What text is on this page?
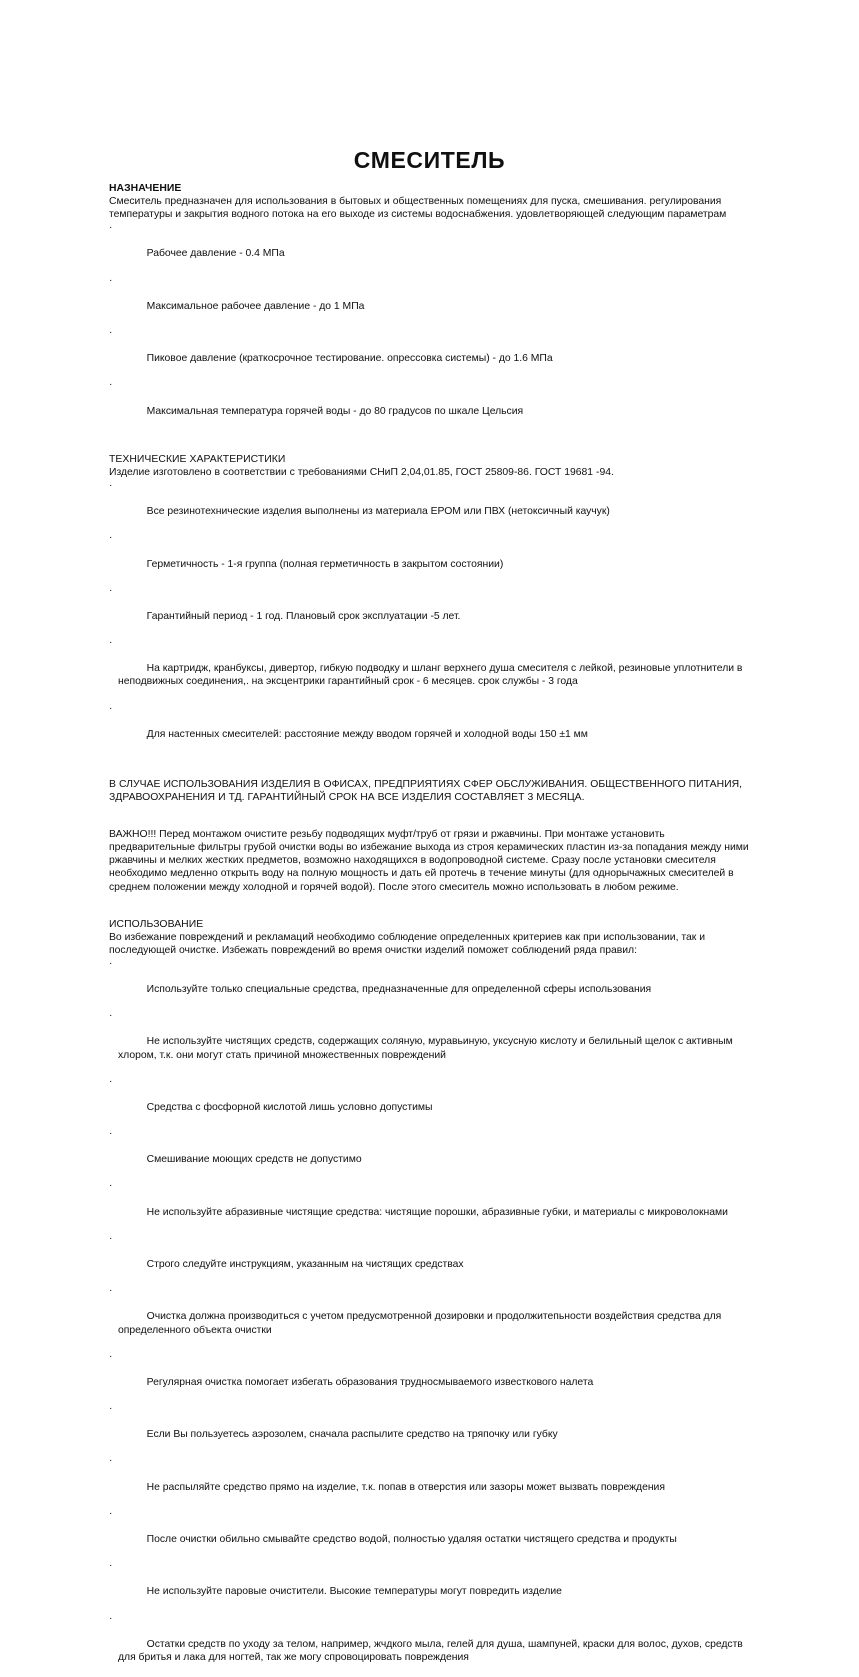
СМЕСИТЕЛЬ
НАЗНАЧЕНИЕ

Смеситель предназначен для использования в бытовых и общественных помещениях для пуска, смешивания. регулирования температуры и закрытия водного потока на его выходе из системы водоснабжения. удовлетворяющей следующим параметрам

·

Рабочее давление - 0.4 МПа

·

Максимальное рабочее давление - до 1 МПа

·

Пиковое давление (краткосрочное тестирование. опрессовка системы) - до 1.6 МПа

·

Максимальная температура горячей воды - до 80 градусов по шкале Цельсия

ТЕХНИЧЕСКИЕ ХАРАКТЕРИСТИКИ

Изделие изготовлено в соответствии с требованиями СНиП 2,04,01.85, ГОСТ 25809-86. ГОСТ 19681 -94.

·

Все резинотехнические изделия выполнены из материала ЕРОМ или ПВХ (нетоксичный каучук)

·

Герметичность - 1-я группа (полная герметичность в закрытом состоянии)

·

Гарантийный период - 1 год. Плановый срок эксплуатации -5 лет.

·

На картридж, кранбуксы, дивертор, гибкую подводку и шланг верхнего душа смесителя с лейкой, резиновые уплотнители в неподвижных соединения,. на эксцентрики гарантийный срок - 6 месяцев. срок службы - 3 года

·

Для настенных смесителей: расстояние между вводом горячей и холодной воды 150 ±1 мм

В СЛУЧАЕ ИСПОЛЬЗОВАНИЯ ИЗДЕЛИЯ В ОФИСАХ, ПРЕДПРИЯТИЯХ СФЕР ОБСЛУЖИВАНИЯ. ОБЩЕСТВЕННОГО ПИТАНИЯ, ЗДРАВООХРАНЕНИЯ И ТД. ГАРАНТИЙНЫЙ СРОК НА ВСЕ ИЗДЕЛИЯ СОСТАВЛЯЕТ 3 МЕСЯЦА.

ВАЖНО!!! Перед монтажом очистите резьбу подводящих муфт/труб от грязи и ржавчины. При монтаже установить предварительные фильтры грубой очистки воды во избежание выхода из строя керамических пластин из-за попадания между ними ржавчины и мелких жестких предметов, возможно находящихся в водопроводной системе. Сразу после установки смесителя необходимо медленно открыть воду на полную мощность и дать ей протечь в течение минуты (для однорычажных смесителей в среднем положении между холодной и горячей водой). После этого смеситель можно использовать в любом режиме.

ИСПОЛЬЗОВАНИЕ

Во избежание повреждений и рекламаций необходимо соблюдение определенных критериев как при использовании, так и последующей очистке. Избежать повреждений во время очистки изделий поможет соблюдений ряда правил:

·

Используйте только специальные средства, предназначенные для определенной сферы использования

·

Не используйте чистящих средств, содержащих соляную, муравьиную, уксусную кислоту и белильный щелок с активным хлором, т.к. они могут стать причиной множественных повреждений

·

Средства с фосфорной кислотой лишь условно допустимы

·

Смешивание моющих средств не допустимо

·

Не используйте абразивные чистящие средства: чистящие порошки, абразивные губки, и материалы с микроволокнами

·

Строго следуйте инструкциям, указанным на чистящих средствах

·

Очистка должна производиться с учетом предусмотренной дозировки и продолжитепьности воздействия средства для определенного объекта очистки

·

Регулярная очистка помогает избегать образования трудносмываемого известкового налета

·

Если Вы пользуетесь аэрозолем, сначала распылите средство на тряпочку или губку

·

Не распыляйте средство прямо на изделие, т.к. попав в отверстия или зазоры может вызвать повреждения

·

После очистки обильно смывайте средство водой, полностью удаляя остатки чистящего средства и продукты

·

Не используйте паровые очистители. Высокие температуры могут повредить изделие

·

Остатки средств по уходу за телом, например, жчдкого мыла, гелей для душа, шампуней, краски для волос, духов, средств для бритья и лака для ногтей, так же могу спровоцировать повреждения
